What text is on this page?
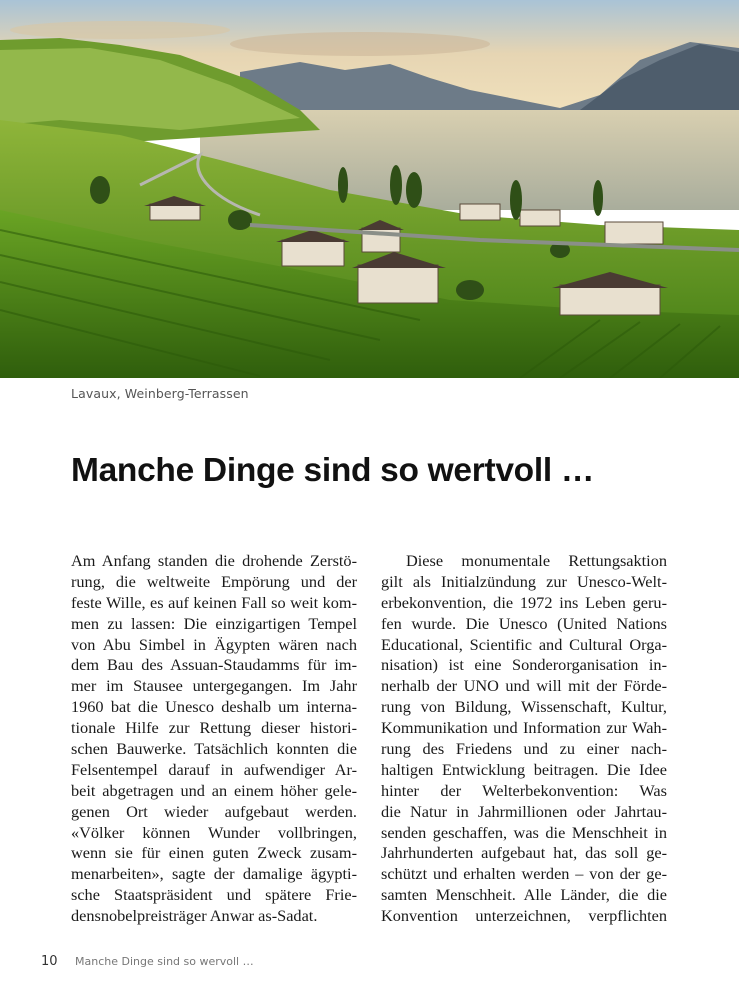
Lavaux, Weinberg-Terrassen
Manche Dinge sind so wertvoll …
Am Anfang standen die drohende Zerstö-
rung, die weltweite Empörung und der
feste Wille, es auf keinen Fall so weit kom-
men zu lassen: Die einzigartigen Tempel
von Abu Simbel in Ägypten wären nach
dem Bau des Assuan-Staudamms für im-
mer im Stausee untergegangen. Im Jahr
1960 bat die Unesco deshalb um interna-
tionale Hilfe zur Rettung dieser histori-
schen Bauwerke. Tatsächlich konnten die
Felsentempel darauf in aufwendiger Ar-
beit abgetragen und an einem höher gele-
genen Ort wieder aufgebaut werden.
«Völker können Wunder vollbringen,
wenn sie für einen guten Zweck zusam-
menarbeiten», sagte der damalige ägypti-
sche Staatspräsident und spätere Frie-
densnobelpreisträger Anwar as-Sadat.
Diese monumentale Rettungsaktion
gilt als Initialzündung zur Unesco-Welt-
erbekonvention, die 1972 ins Leben geru-
fen wurde. Die Unesco (United Nations
Educational, Scientific and Cultural Orga-
nisation) ist eine Sonderorganisation in-
nerhalb der UNO und will mit der Förde-
rung von Bildung, Wissenschaft, Kultur,
Kommunikation und Information zur Wah-
rung des Friedens und zu einer nach-
haltigen Entwicklung beitragen. Die Idee
hinter der Welterbekonvention: Was
die Natur in Jahrmillionen oder Jahrtau-
senden geschaffen, was die Menschheit in
Jahrhunderten aufgebaut hat, das soll ge-
schützt und erhalten werden – von der ge-
samten Menschheit. Alle Länder, die die
Konvention unterzeichnen, verpflichten
10 Manche Dinge sind so wervoll …
